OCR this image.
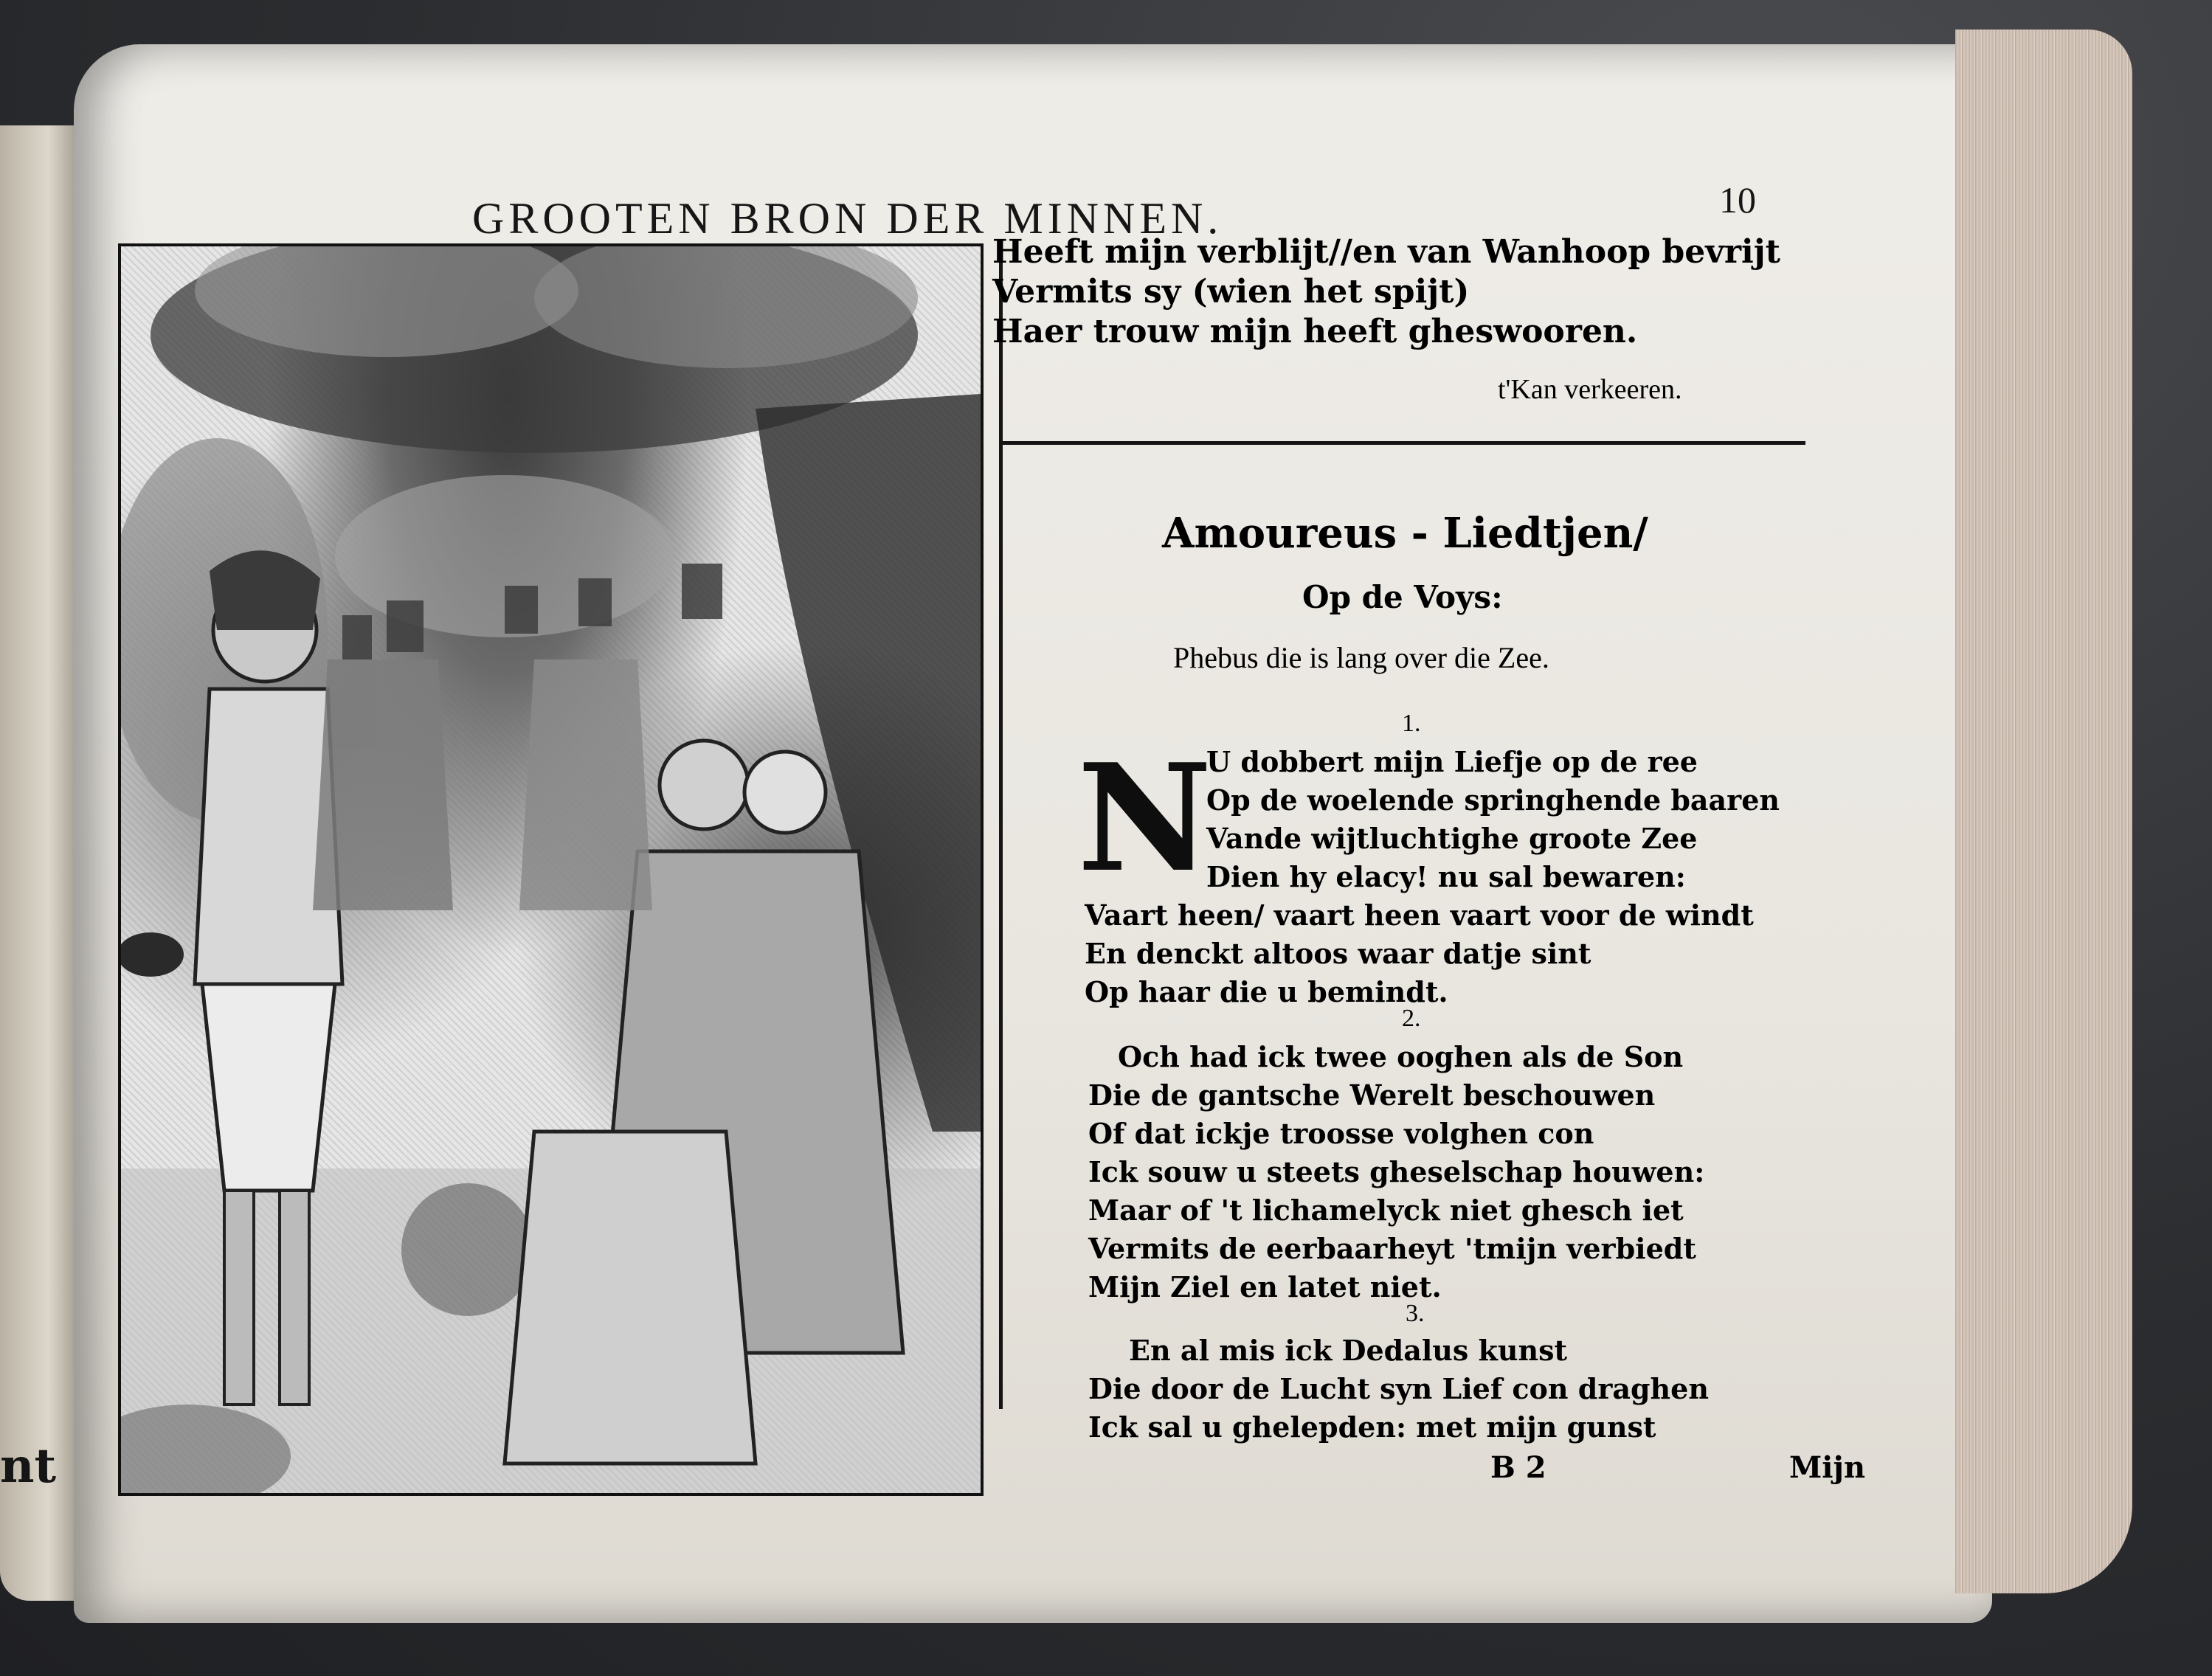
nt
GROOTEN BRON DER MINNEN.	10
Heeft mijn verblijt//en van Wanhoop bevrijt
Vermits sy (wien het spijt)
Haer trouw mijn heeft gheswooren.
t'Kan verkeeren.
Amoureus - Liedtjen/
Op de Voys:
Phebus die is lang over die Zee.
1.
N
U dobbert mijn Liefje op de ree
Op de woelende springhende baaren
Vande wijtluchtighe groote Zee
Dien hy elacy! nu sal bewaren:
Vaart heen/ vaart heen vaart voor de windt
En denckt altoos waar datje sint
Op haar die u bemindt.
2.
Och had ick twee ooghen als de Son
Die de gantsche Werelt beschouwen
Of dat ickje troosse volghen con
Ick souw u steets gheselschap houwen:
Maar of 't lichamelyck niet ghesch iet
Vermits de eerbaarheyt 'tmijn verbiedt
Mijn Ziel en latet niet.
3.
En al mis ick Dedalus kunst
Die door de Lucht syn Lief con draghen
Ick sal u ghelepden: met mijn gunst
B 2	Mijn
